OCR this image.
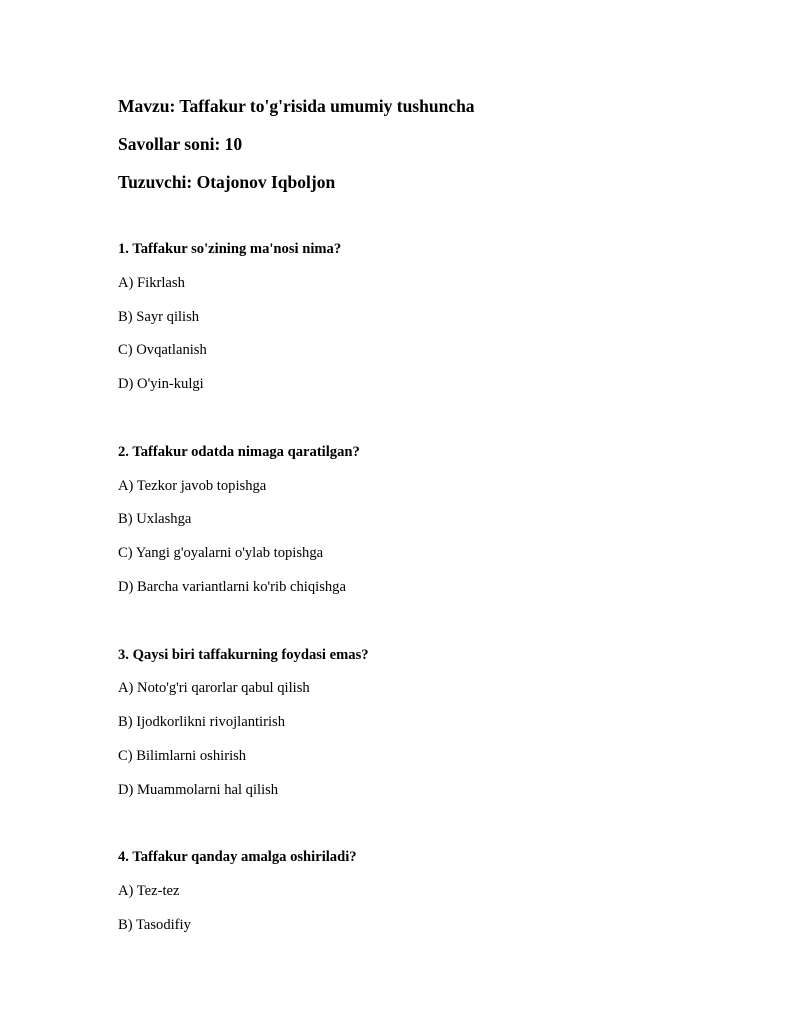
Mavzu: Taffakur to'g'risida umumiy tushuncha
Savollar soni: 10
Tuzuvchi: Otajonov Iqboljon
1. Taffakur so'zining ma'nosi nima?
A) Fikrlash
B) Sayr qilish
C) Ovqatlanish
D) O'yin-kulgi
2. Taffakur odatda nimaga qaratilgan?
A) Tezkor javob topishga
B) Uxlashga
C) Yangi g'oyalarni o'ylab topishga
D) Barcha variantlarni ko'rib chiqishga
3. Qaysi biri taffakurning foydasi emas?
A) Noto'g'ri qarorlar qabul qilish
B) Ijodkorlikni rivojlantirish
C) Bilimlarni oshirish
D) Muammolarni hal qilish
4. Taffakur qanday amalga oshiriladi?
A) Tez-tez
B) Tasodifiy
